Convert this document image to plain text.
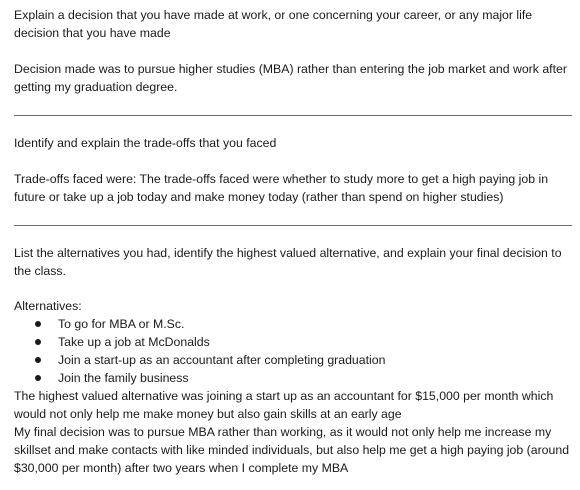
Explain a decision that you have made at work, or one concerning your career, or any major life decision that you have made

Decision made was to pursue higher studies (MBA) rather than entering the job market and work after getting my graduation degree.

Identify and explain the trade-offs that you faced

Trade-offs faced were: The trade-offs faced were whether to study more to get a high paying job in future or take up a job today and make money today (rather than spend on higher studies)

List the alternatives you had, identify the highest valued alternative, and explain your final decision to the class.

Alternatives:

To go for MBA or M.Sc.
Take up a job at McDonalds
Join a start-up as an accountant after completing graduation
Join the family business

The highest valued alternative was joining a start up as an accountant for $15,000 per month which would not only help me make money but also gain skills at an early age

My final decision was to pursue MBA rather than working, as it would not only help me increase my skillset and make contacts with like minded individuals, but also help me get a high paying job (around $30,000 per month) after two years when I complete my MBA
